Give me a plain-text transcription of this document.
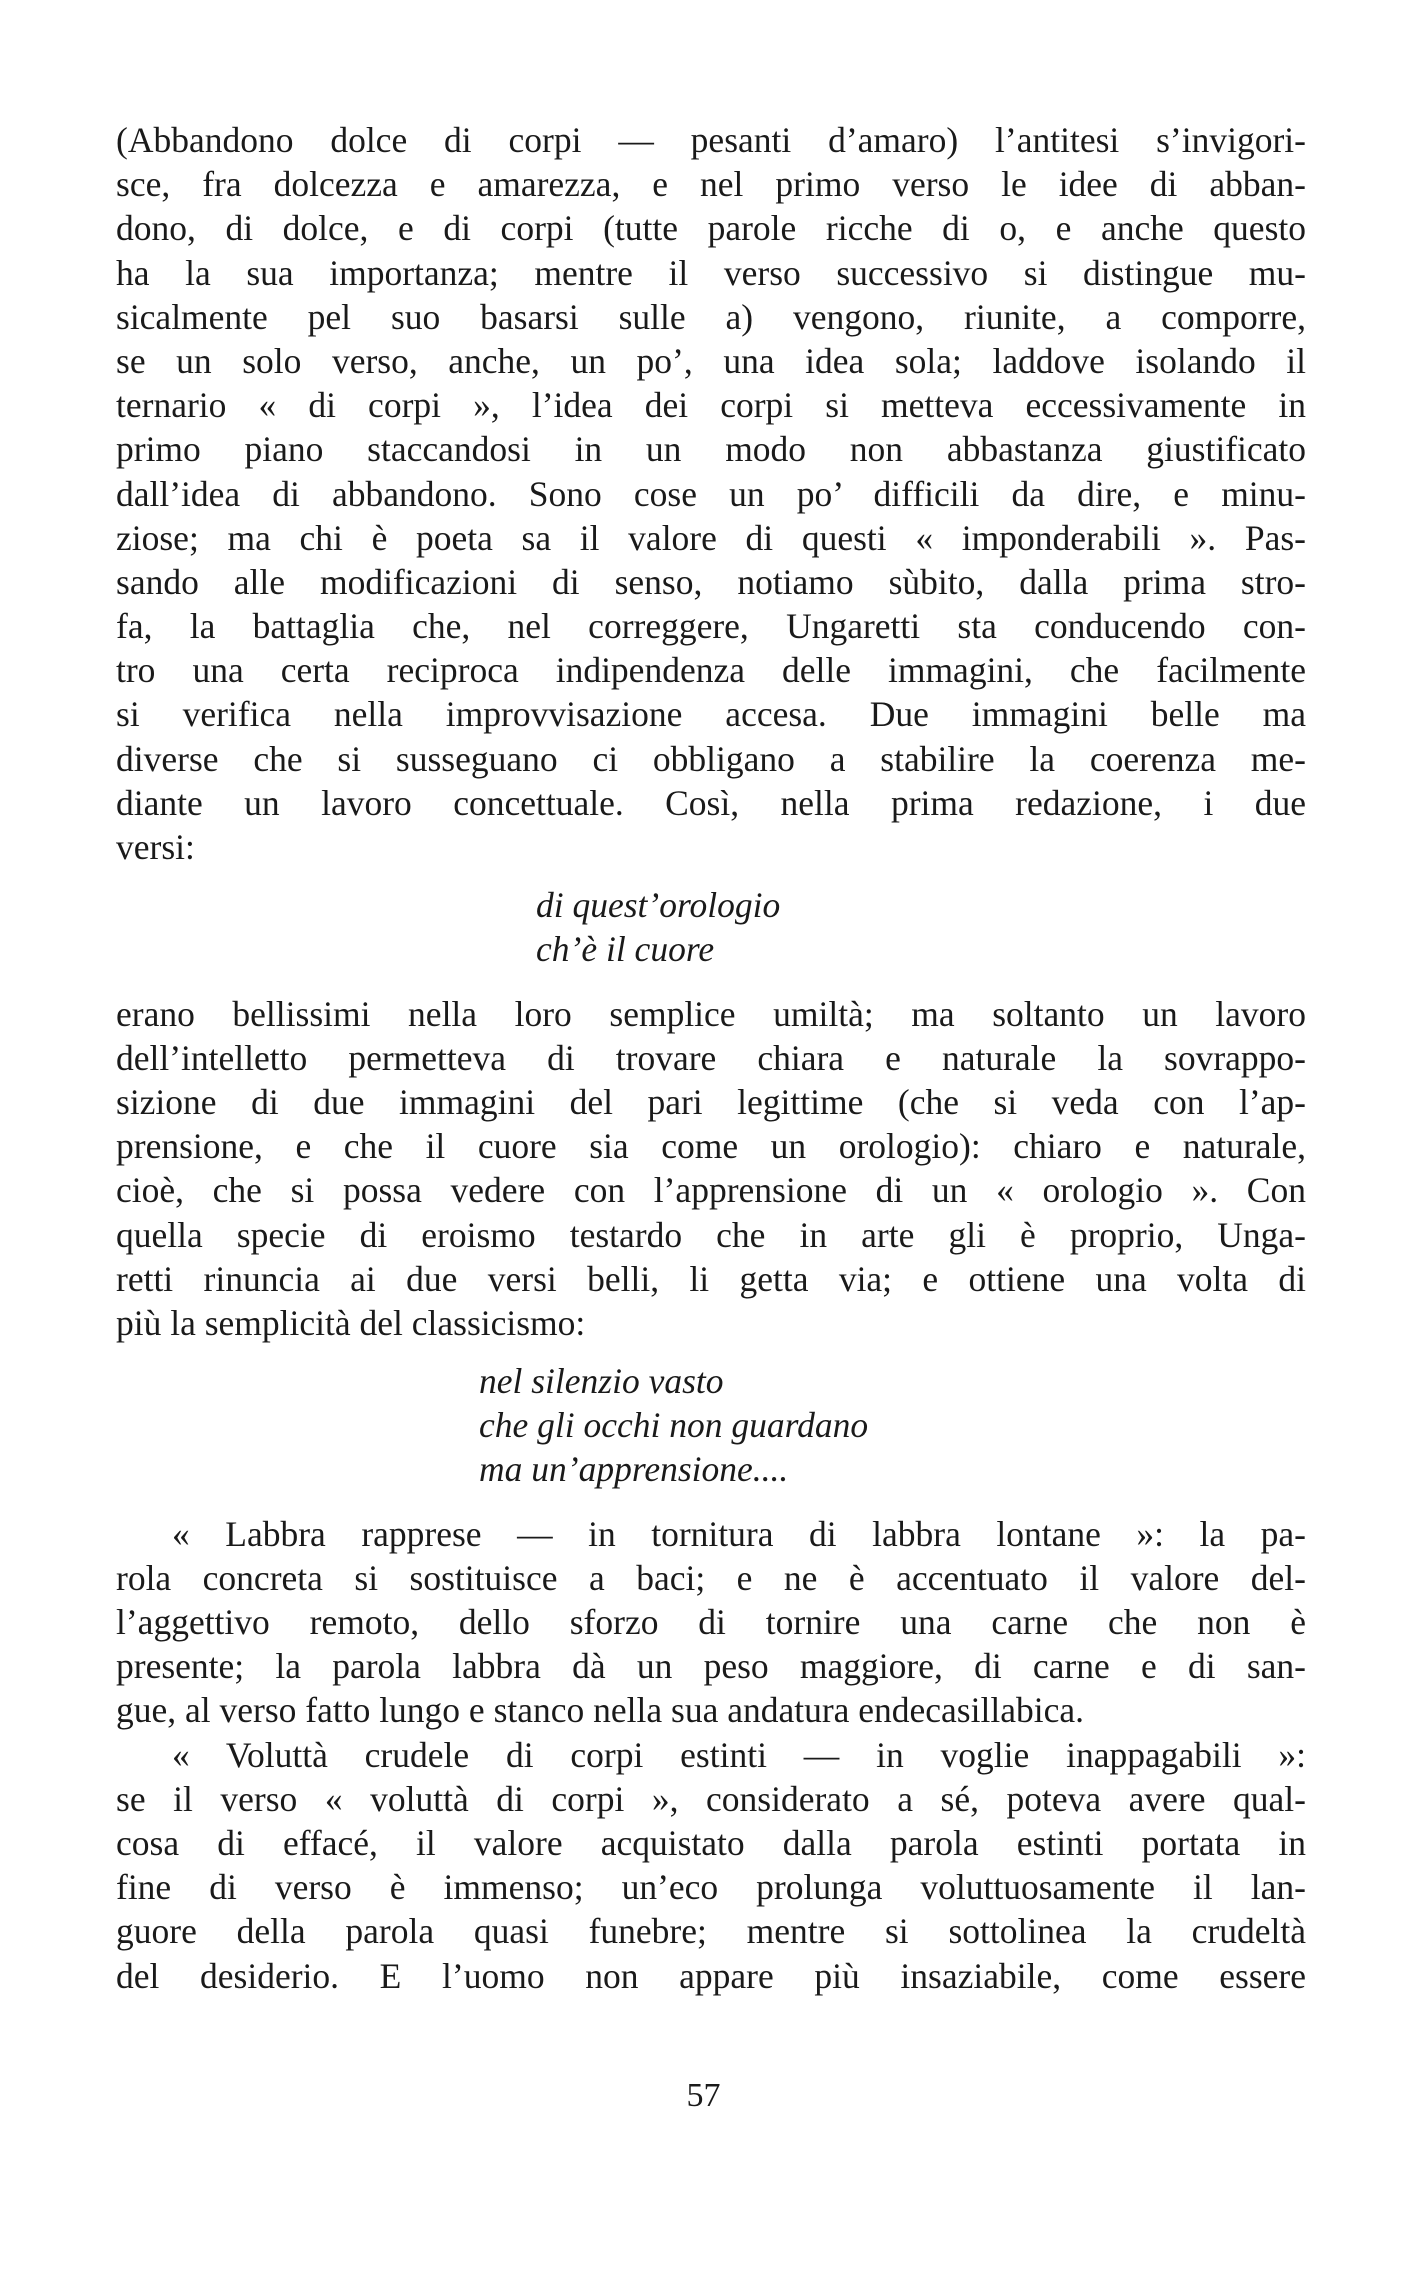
(Abbandono dolce di corpi — pesanti d’amaro) l’antitesi s’invigori-
sce, fra dolcezza e amarezza, e nel primo verso le idee di abban-
dono, di dolce, e di corpi (tutte parole ricche di o, e anche questo
ha la sua importanza; mentre il verso successivo si distingue mu-
sicalmente pel suo basarsi sulle a) vengono, riunite, a comporre,
se un solo verso, anche, un po’, una idea sola; laddove isolando il
ternario « di corpi », l’idea dei corpi si metteva eccessivamente in
primo piano staccandosi in un modo non abbastanza giustificato
dall’idea di abbandono. Sono cose un po’ difficili da dire, e minu-
ziose; ma chi è poeta sa il valore di questi « imponderabili ». Pas-
sando alle modificazioni di senso, notiamo sùbito, dalla prima stro-
fa, la battaglia che, nel correggere, Ungaretti sta conducendo con-
tro una certa reciproca indipendenza delle immagini, che facilmente
si verifica nella improvvisazione accesa. Due immagini belle ma
diverse che si susseguano ci obbligano a stabilire la coerenza me-
diante un lavoro concettuale. Così, nella prima redazione, i due
versi:
di quest’orologio
ch’è il cuore
erano bellissimi nella loro semplice umiltà; ma soltanto un lavoro
dell’intelletto permetteva di trovare chiara e naturale la sovrappo-
sizione di due immagini del pari legittime (che si veda con l’ap-
prensione, e che il cuore sia come un orologio): chiaro e naturale,
cioè, che si possa vedere con l’apprensione di un « orologio ». Con
quella specie di eroismo testardo che in arte gli è proprio, Unga-
retti rinuncia ai due versi belli, li getta via; e ottiene una volta di
più la semplicità del classicismo:
nel silenzio vasto
che gli occhi non guardano
ma un’apprensione....
« Labbra rapprese — in tornitura di labbra lontane »: la pa-
rola concreta si sostituisce a baci; e ne è accentuato il valore del-
l’aggettivo remoto, dello sforzo di tornire una carne che non è
presente; la parola labbra dà un peso maggiore, di carne e di san-
gue, al verso fatto lungo e stanco nella sua andatura endecasillabica.
« Voluttà crudele di corpi estinti — in voglie inappagabili »:
se il verso « voluttà di corpi », considerato a sé, poteva avere qual-
cosa di effacé, il valore acquistato dalla parola estinti portata in
fine di verso è immenso; un’eco prolunga voluttuosamente il lan-
guore della parola quasi funebre; mentre si sottolinea la crudeltà
del desiderio. E l’uomo non appare più insaziabile, come essere
57
